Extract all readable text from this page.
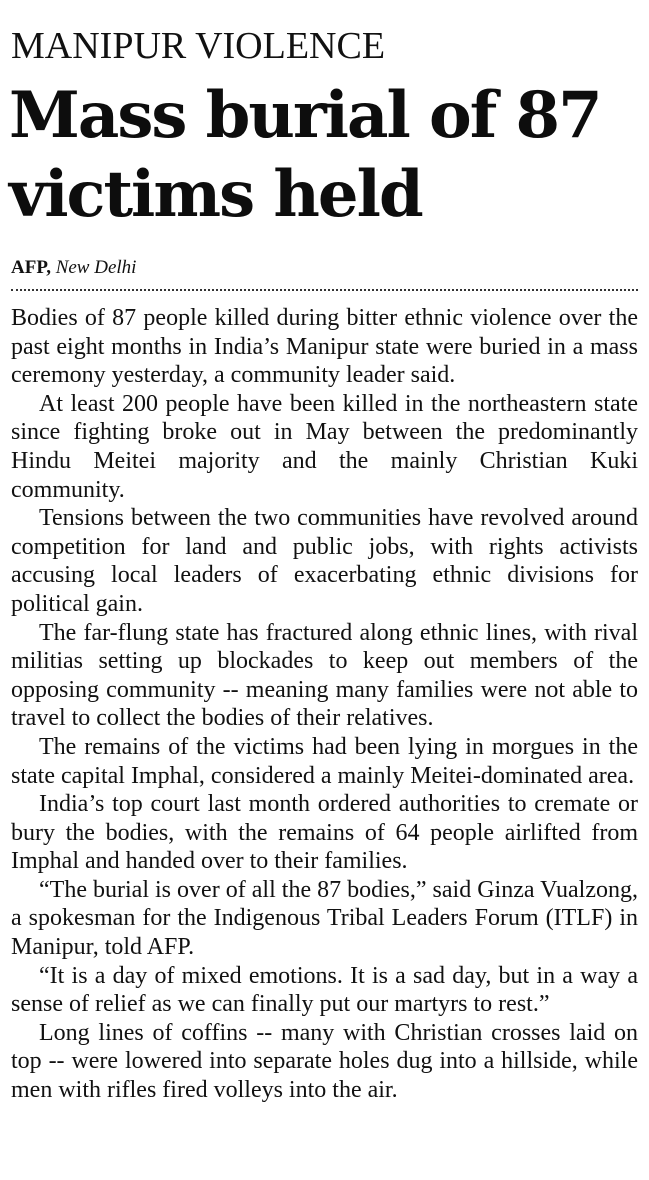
MANIPUR VIOLENCE
Mass burial of 87 victims held
AFP, New Delhi

Bodies of 87 people killed during bitter ethnic violence over the past eight months in India’s Manipur state were buried in a mass ceremony yesterday, a community leader said.

At least 200 people have been killed in the northeastern state since fighting broke out in May between the predominantly Hindu Meitei majority and the mainly Christian Kuki community.

Tensions between the two communities have revolved around competition for land and public jobs, with rights activists accusing local leaders of exacerbating ethnic divisions for political gain.

The far-flung state has fractured along ethnic lines, with rival militias setting up blockades to keep out members of the opposing community -- meaning many families were not able to travel to collect the bodies of their relatives.

The remains of the victims had been lying in morgues in the state capital Imphal, considered a mainly Meitei-dominated area.

India’s top court last month ordered authorities to cremate or bury the bodies, with the remains of 64 people airlifted from Imphal and handed over to their families.

“The burial is over of all the 87 bodies,” said Ginza Vualzong, a spokesman for the Indigenous Tribal Leaders Forum (ITLF) in Manipur, told AFP.

“It is a day of mixed emotions. It is a sad day, but in a way a sense of relief as we can finally put our martyrs to rest.”

Long lines of coffins -- many with Christian crosses laid on top -- were lowered into separate holes dug into a hillside, while men with rifles fired volleys into the air.
